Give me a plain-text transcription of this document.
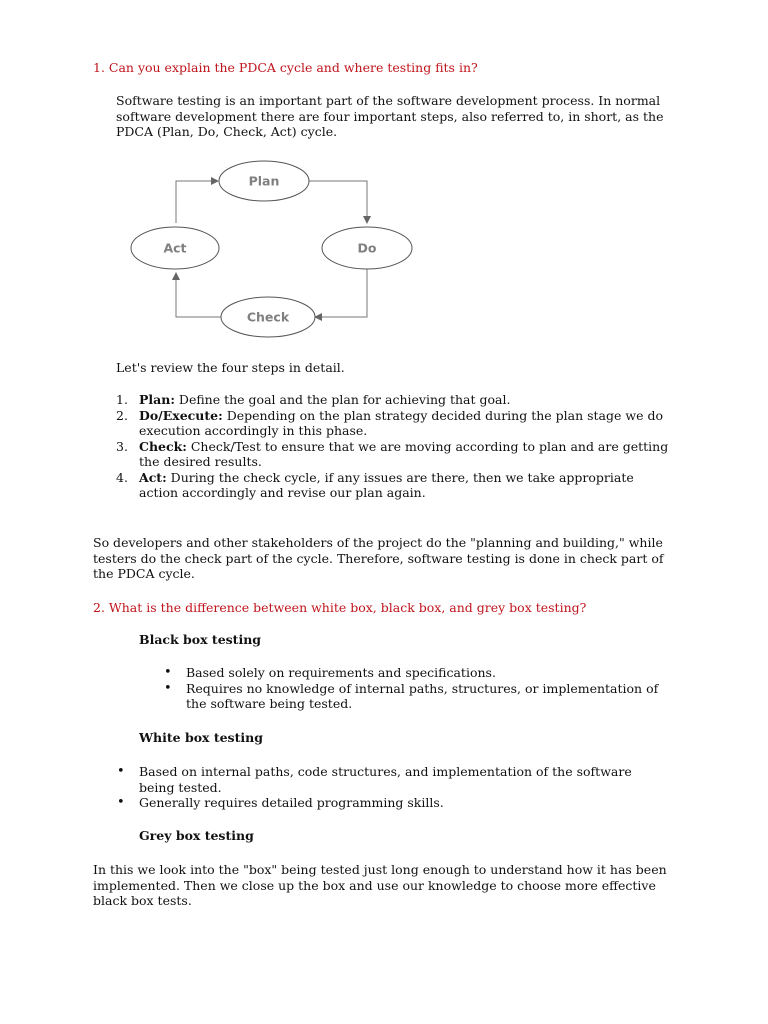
1. Can you explain the PDCA cycle and where testing fits in?

Software testing is an important part of the software development process. In normal software development there are four important steps, also referred to, in short, as the PDCA (Plan, Do, Check, Act) cycle.

Plan
Act	Do
Check

Let's review the four steps in detail.

1. Plan: Define the goal and the plan for achieving that goal.
2. Do/Execute: Depending on the plan strategy decided during the plan stage we do execution accordingly in this phase.
3. Check: Check/Test to ensure that we are moving according to plan and are getting the desired results.
4. Act: During the check cycle, if any issues are there, then we take appropriate action accordingly and revise our plan again.

So developers and other stakeholders of the project do the "planning and building," while testers do the check part of the cycle. Therefore, software testing is done in check part of the PDCA cycle.

2. What is the difference between white box, black box, and grey box testing?

Black box testing

• Based solely on requirements and specifications.
• Requires no knowledge of internal paths, structures, or implementation of the software being tested.

White box testing

• Based on internal paths, code structures, and implementation of the software being tested.
• Generally requires detailed programming skills.

Grey box testing

In this we look into the "box" being tested just long enough to understand how it has been implemented. Then we close up the box and use our knowledge to choose more effective black box tests.
